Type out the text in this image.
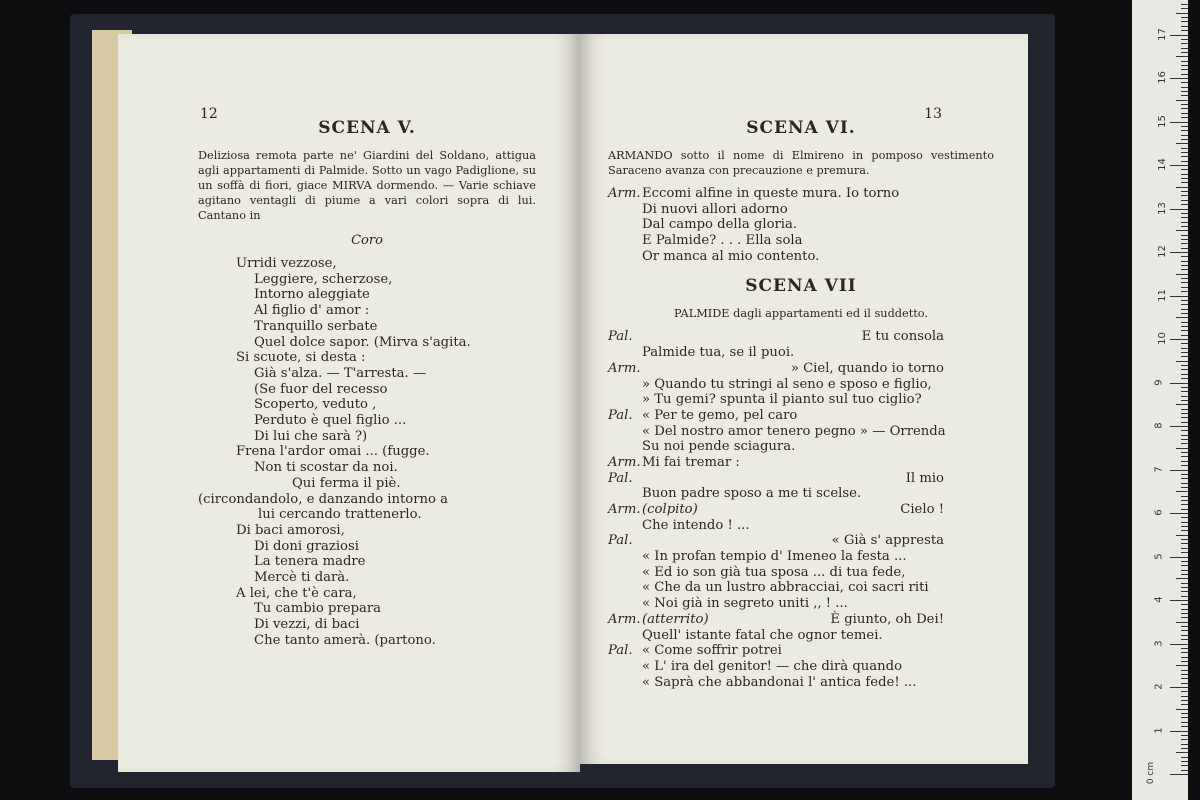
12
SCENA V.

Deliziosa remota parte ne' Giardini del Soldano, attigua agli appartamenti di Palmide. Sotto un vago Padiglione, su un soffà di fiori, giace MIRVA dormendo. — Varie schiave agitano ventagli di piume a vari colori sopra di lui. Cantano in

Coro
Urridi vezzose,
Leggiere, scherzose,
Intorno aleggiate
Al figlio d' amor :
Tranquillo serbate
Quel dolce sapor. (Mirva s'agita.
Si scuote, si desta :
Già s'alza. — T'arresta. —
(Se fuor del recesso
Scoperto, veduto ,
Perduto è quel figlio ...
Di lui che sarà ?)
Frena l'ardor omai ... (fugge.
Non ti scostar da noi.
Qui ferma il piè.
(circondandolo, e danzando intorno a
lui cercando trattenerlo.
Di baci amorosi,
Di doni graziosi
La tenera madre
Mercè ti darà.
A lei, che t'è cara,
Tu cambio prepara
Di vezzi, di baci
Che tanto amerà. (partono.
13
SCENA VI.

ARMANDO sotto il nome di Elmireno in pomposo vestimento Saraceno avanza con precauzione e premura.

Arm.Eccomi alfine in queste mura. Io torno
Di nuovi allori adorno
Dal campo della gloria.
E Palmide? . . . Ella sola
Or manca al mio contento.
SCENA VII

PALMIDE dagli appartamenti ed il suddetto.

Pal.	E tu consola
Palmide tua, se il puoi.
Arm.	» Ciel, quando io torno
» Quando tu stringi al seno e sposo e figlio,
» Tu gemi? spunta il pianto sul tuo ciglio?
Pal. « Per te gemo, pel caro
« Del nostro amor tenero pegno » — Orrenda
Su noi pende sciagura.
Arm.Mi fai tremar :
Pal.	Il mio
Buon padre sposo a me ti scelse.
Arm.(colpito)	Cielo !
Che intendo ! ...
Pal.	« Già s' appresta
« In profan tempio d' Imeneo la festa ...
« Ed io son già tua sposa ... di tua fede,
« Che da un lustro abbracciai, coi sacri riti
« Noi già in segreto uniti ,, ! ...
Arm.(atterrito)	È giunto, oh Dei!
Quell' istante fatal che ognor temei.
Pal. « Come soffrir potrei
« L' ira del genitor! — che dirà quando
« Saprà che abbandonai l' antica fede! ...
0 cm
1
2
3
4
5
6
7
8
9
10
11
12
13
14
15
16
17
